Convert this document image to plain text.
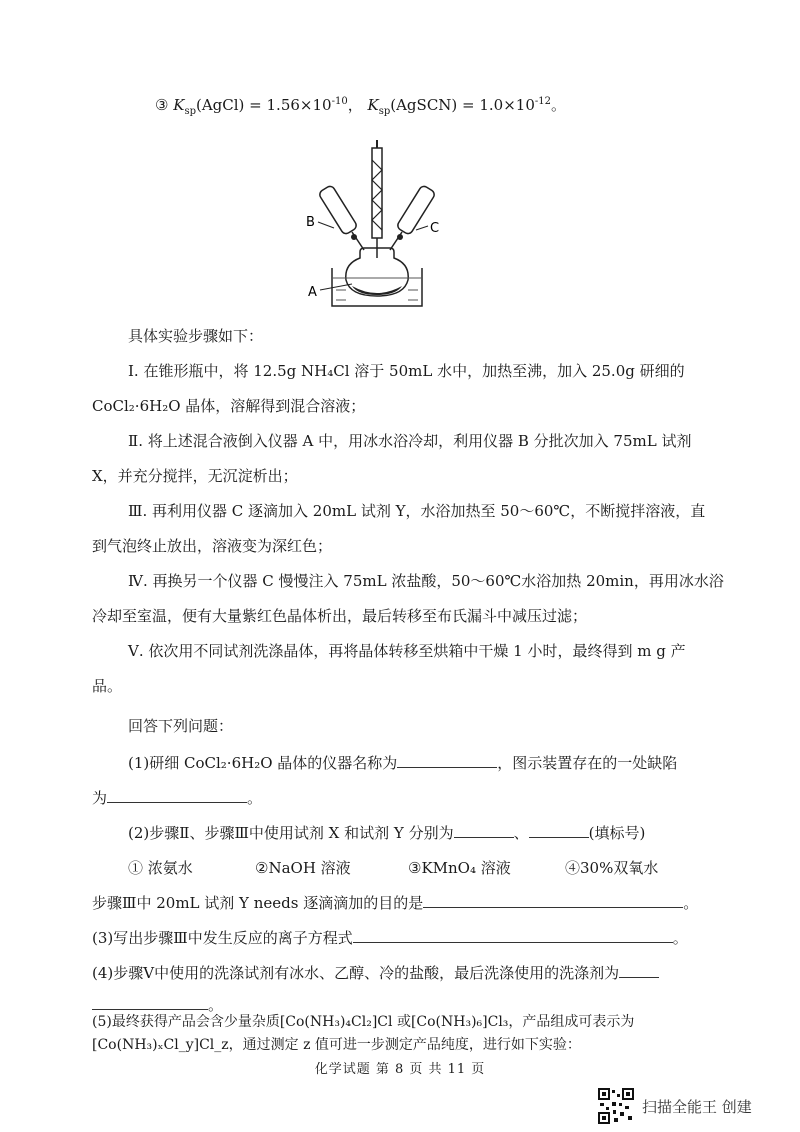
③ $K_{sp}(AgCl) = 1.56\times 10^{-10}$， $K_{sp}(AgSCN) = 1.0\times 10^{-12}$。
A
B	C
具体实验步骤如下：
Ⅰ. 在锥形瓶中，将 12.5g NH₄Cl 溶于 50mL 水中，加热至沸，加入 25.0g 研细的
CoCl₂·6H₂O 晶体，溶解得到混合溶液；
Ⅱ. 将上述混合液倒入仪器 A 中，用冰水浴冷却，利用仪器 B 分批次加入 75mL 试剂
X，并充分搅拌，无沉淀析出；
Ⅲ. 再利用仪器 C 逐滴加入 20mL 试剂 Y，水浴加热至 50～60℃，不断搅拌溶液，直
到气泡终止放出，溶液变为深红色；
Ⅳ. 再换另一个仪器 C 慢慢注入 75mL 浓盐酸，50～60℃水浴加热 20min，再用冰水浴
冷却至室温，便有大量紫红色晶体析出，最后转移至布氏漏斗中减压过滤；
Ⅴ. 依次用不同试剂洗涤晶体，再将晶体转移至烘箱中干燥 1 小时，最终得到 m g 产
品。
回答下列问题：
(1)研细 CoCl₂·6H₂O 晶体的仪器名称为	，图示装置存在的一处缺陷
为	。
(2)步骤Ⅱ、步骤Ⅲ中使用试剂 X 和试剂 Y 分别为	、	(填标号)
① 浓氨水	②NaOH 溶液	③KMnO₄ 溶液	④30%双氧水
步骤Ⅲ中 20mL 试剂 Y needs 逐滴滴加的目的是	。
(3)写出步骤Ⅲ中发生反应的离子方程式	。
(4)步骤Ⅴ中使用的洗涤试剂有冰水、乙醇、冷的盐酸，最后洗涤使用的洗涤剂为
。
(5)最终获得产品会含少量杂质[Co(NH₃)₄Cl₂]Cl 或[Co(NH₃)₆]Cl₃，产品组成可表示为
[Co(NH₃)ₓCl_y]Cl_z，通过测定 z 值可进一步测定产品纯度，进行如下实验：
化学试题 第 8 页 共 11 页
扫描全能王 创建
